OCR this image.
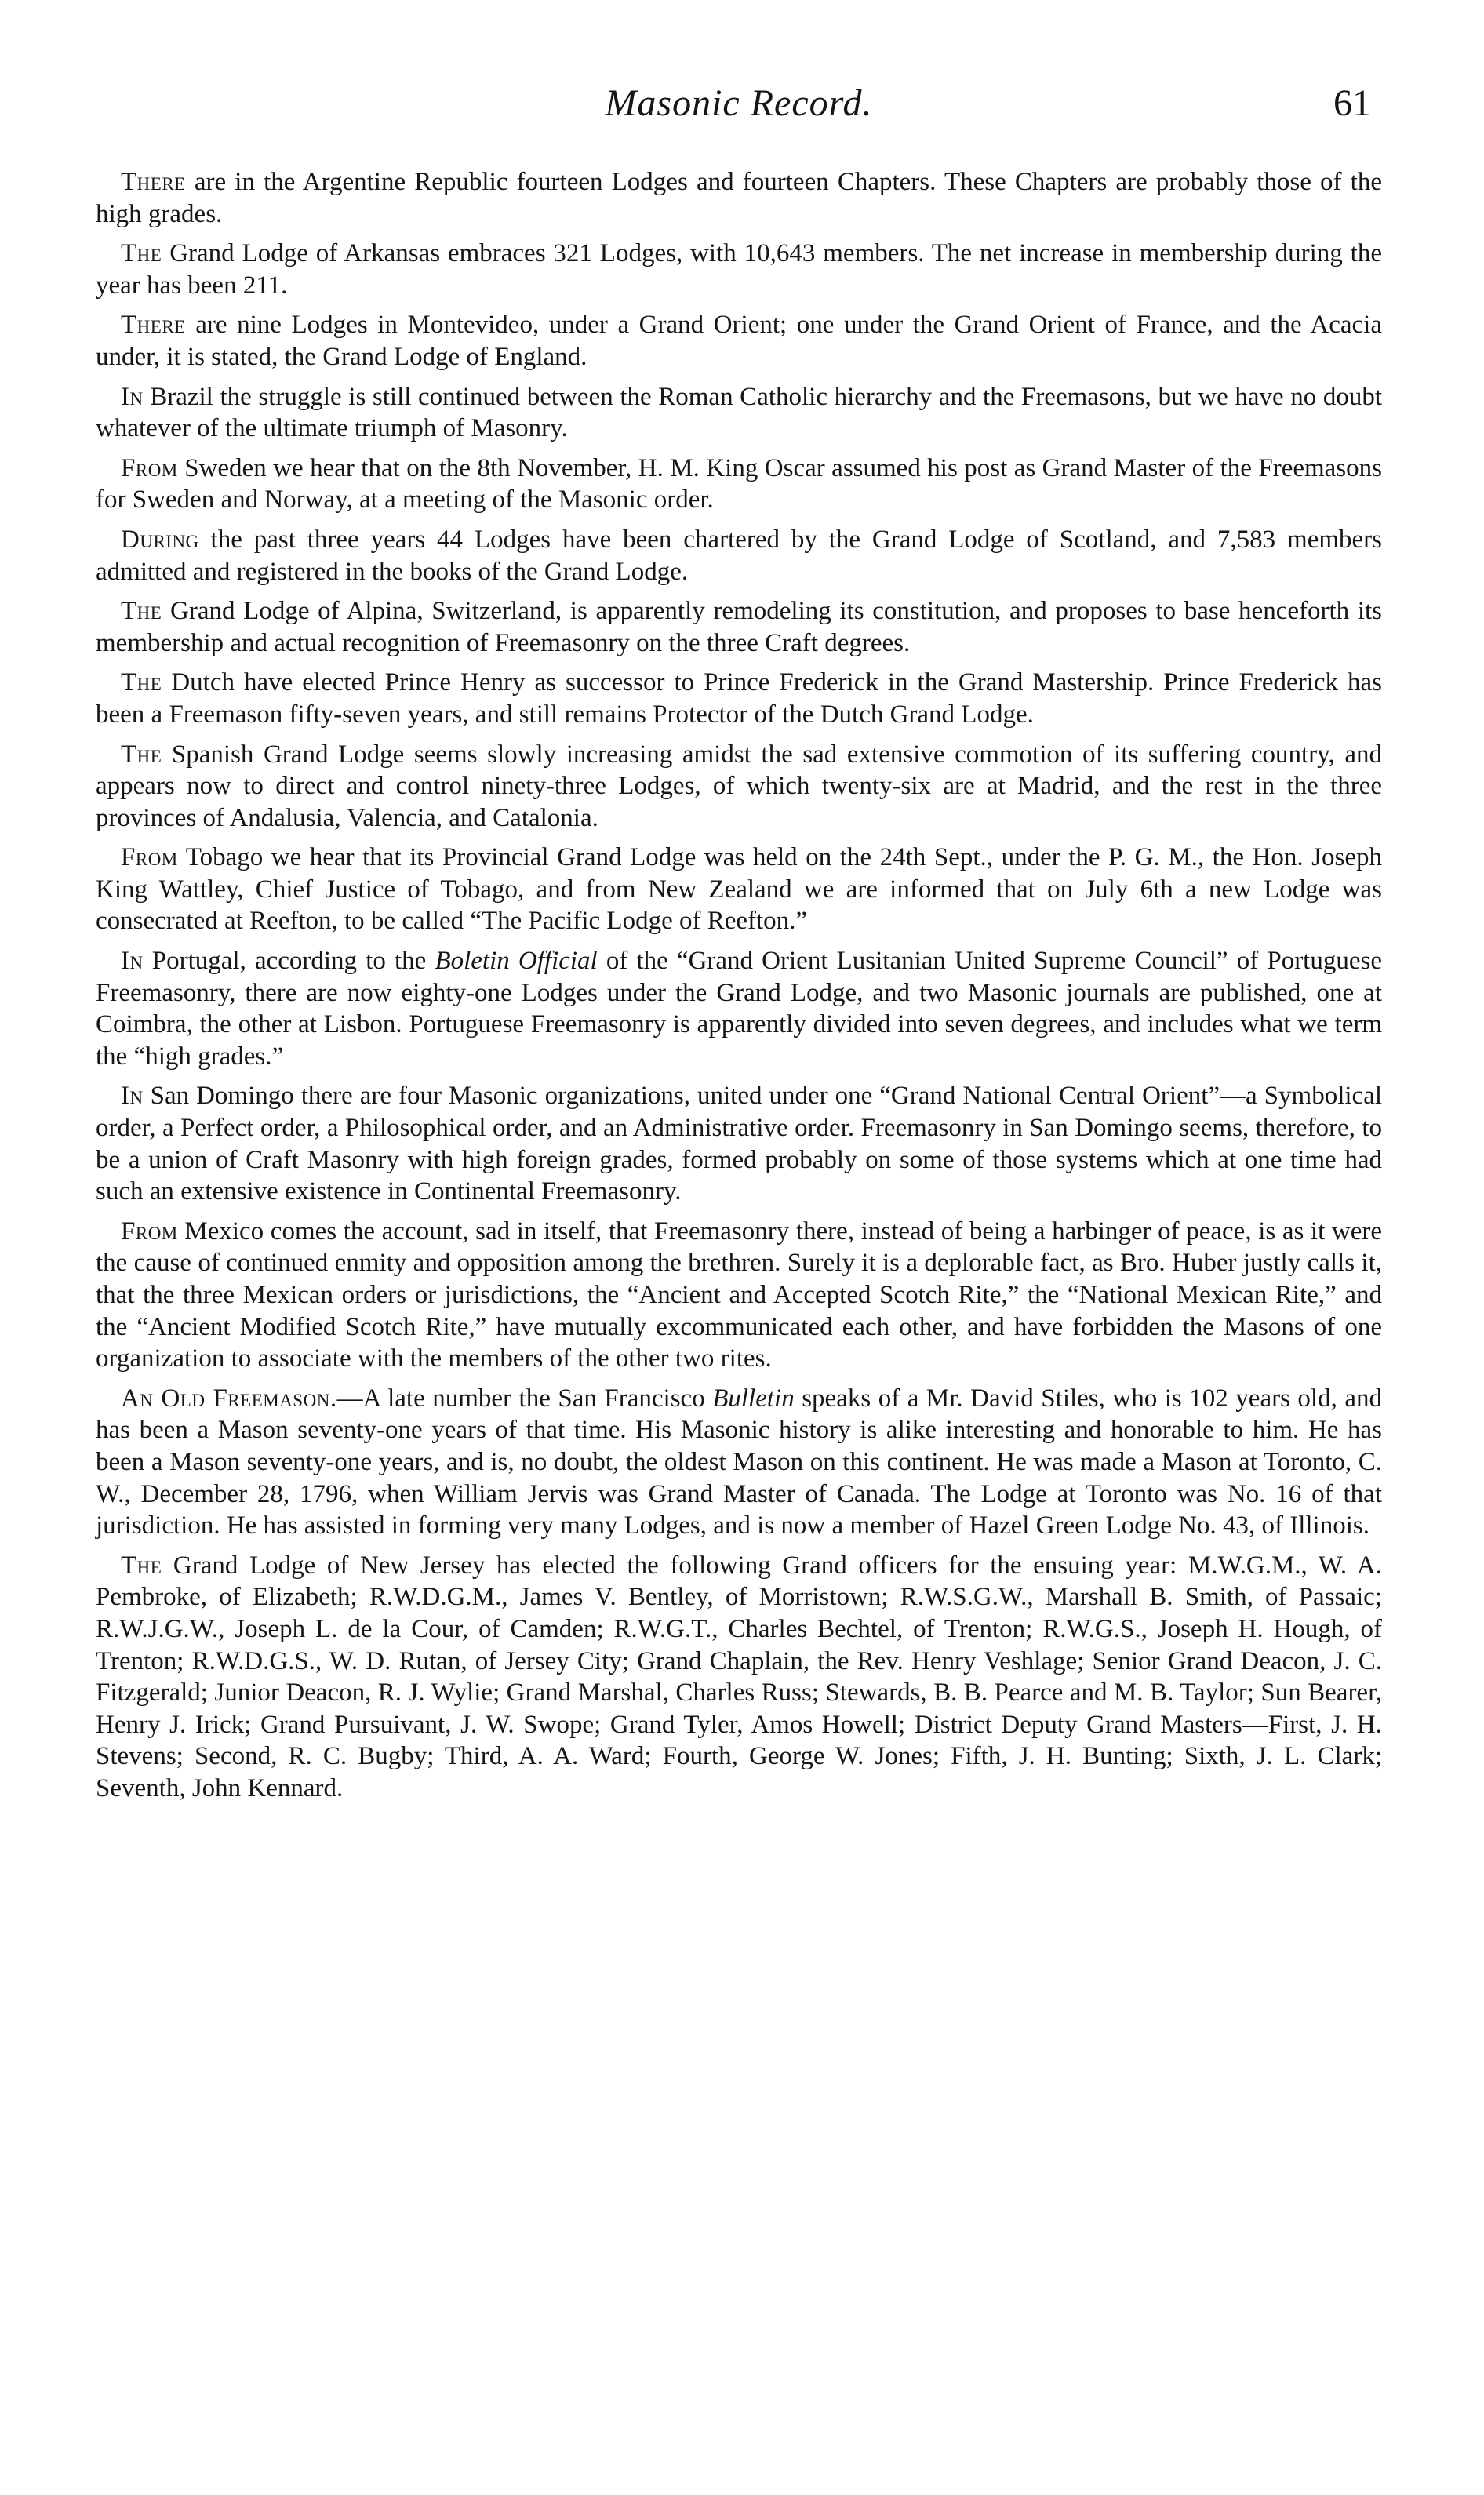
Masonic Record.	61

There are in the Argentine Republic fourteen Lodges and fourteen Chapters. These Chapters are probably those of the high grades.

The Grand Lodge of Arkansas embraces 321 Lodges, with 10,643 members. The net increase in membership during the year has been 211.

There are nine Lodges in Montevideo, under a Grand Orient; one under the Grand Orient of France, and the Acacia under, it is stated, the Grand Lodge of England.

In Brazil the struggle is still continued between the Roman Catholic hierarchy and the Freemasons, but we have no doubt whatever of the ultimate triumph of Masonry.

From Sweden we hear that on the 8th November, H. M. King Oscar assumed his post as Grand Master of the Freemasons for Sweden and Norway, at a meeting of the Masonic order.

During the past three years 44 Lodges have been chartered by the Grand Lodge of Scotland, and 7,583 members admitted and registered in the books of the Grand Lodge.

The Grand Lodge of Alpina, Switzerland, is apparently remodeling its constitution, and proposes to base henceforth its membership and actual recognition of Freemasonry on the three Craft degrees.

The Dutch have elected Prince Henry as successor to Prince Frederick in the Grand Mastership. Prince Frederick has been a Freemason fifty-seven years, and still remains Protector of the Dutch Grand Lodge.

The Spanish Grand Lodge seems slowly increasing amidst the sad extensive commotion of its suffering country, and appears now to direct and control ninety-three Lodges, of which twenty-six are at Madrid, and the rest in the three provinces of Andalusia, Valencia, and Catalonia.

From Tobago we hear that its Provincial Grand Lodge was held on the 24th Sept., under the P. G. M., the Hon. Joseph King Wattley, Chief Justice of Tobago, and from New Zealand we are informed that on July 6th a new Lodge was consecrated at Reefton, to be called “The Pacific Lodge of Reefton.”

In Portugal, according to the Boletin Official of the “Grand Orient Lusitanian United Supreme Council” of Portuguese Freemasonry, there are now eighty-one Lodges under the Grand Lodge, and two Masonic journals are published, one at Coimbra, the other at Lisbon. Portuguese Freemasonry is apparently divided into seven degrees, and includes what we term the “high grades.”

In San Domingo there are four Masonic organizations, united under one “Grand National Central Orient”—a Symbolical order, a Perfect order, a Philosophical order, and an Administrative order. Freemasonry in San Domingo seems, therefore, to be a union of Craft Masonry with high foreign grades, formed probably on some of those systems which at one time had such an extensive existence in Continental Freemasonry.

From Mexico comes the account, sad in itself, that Freemasonry there, instead of being a harbinger of peace, is as it were the cause of continued enmity and opposition among the brethren. Surely it is a deplorable fact, as Bro. Huber justly calls it, that the three Mexican orders or jurisdictions, the “Ancient and Accepted Scotch Rite,” the “National Mexican Rite,” and the “Ancient Modified Scotch Rite,” have mutually excommunicated each other, and have forbidden the Masons of one organization to associate with the members of the other two rites.

An Old Freemason.—A late number the San Francisco Bulletin speaks of a Mr. David Stiles, who is 102 years old, and has been a Mason seventy-one years of that time. His Masonic history is alike interesting and honorable to him. He has been a Mason seventy-one years, and is, no doubt, the oldest Mason on this continent. He was made a Mason at Toronto, C. W., December 28, 1796, when William Jervis was Grand Master of Canada. The Lodge at Toronto was No. 16 of that jurisdiction. He has assisted in forming very many Lodges, and is now a member of Hazel Green Lodge No. 43, of Illinois.

The Grand Lodge of New Jersey has elected the following Grand officers for the ensuing year: M.W.G.M., W. A. Pembroke, of Elizabeth; R.W.D.G.M., James V. Bentley, of Morristown; R.W.S.G.W., Marshall B. Smith, of Passaic; R.W.J.G.W., Joseph L. de la Cour, of Camden; R.W.G.T., Charles Bechtel, of Trenton; R.W.G.S., Joseph H. Hough, of Trenton; R.W.D.G.S., W. D. Rutan, of Jersey City; Grand Chaplain, the Rev. Henry Veshlage; Senior Grand Deacon, J. C. Fitzgerald; Junior Deacon, R. J. Wylie; Grand Marshal, Charles Russ; Stewards, B. B. Pearce and M. B. Taylor; Sun Bearer, Henry J. Irick; Grand Pursuivant, J. W. Swope; Grand Tyler, Amos Howell; District Deputy Grand Masters—First, J. H. Stevens; Second, R. C. Bugby; Third, A. A. Ward; Fourth, George W. Jones; Fifth, J. H. Bunting; Sixth, J. L. Clark; Seventh, John Kennard.
